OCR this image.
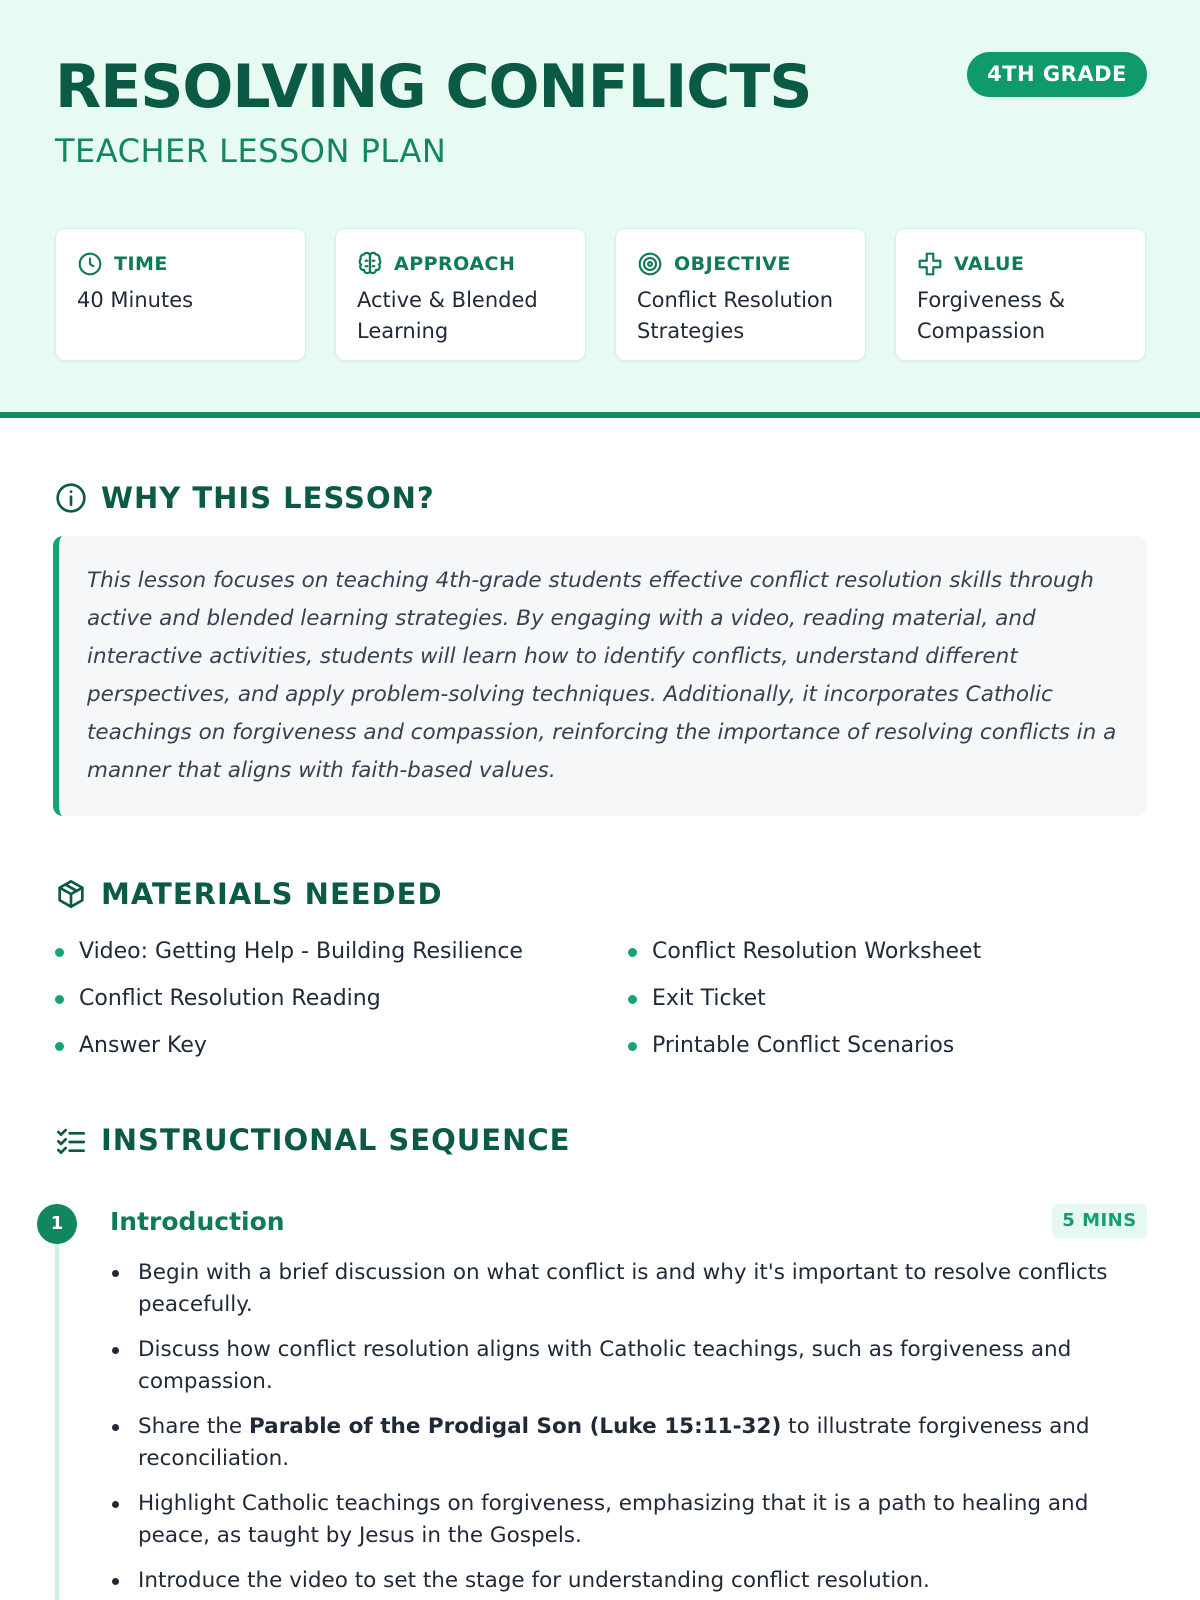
RESOLVING CONFLICTS
TEACHER LESSON PLAN
4TH GRADE
TIME
40 Minutes
APPROACH
Active & Blended Learning
OBJECTIVE
Conflict Resolution Strategies
VALUE
Forgiveness & Compassion
WHY THIS LESSON?

This lesson focuses on teaching 4th-grade students effective conflict resolution skills through active and blended learning strategies. By engaging with a video, reading material, and interactive activities, students will learn how to identify conflicts, understand different perspectives, and apply problem-solving techniques. Additionally, it incorporates Catholic teachings on forgiveness and compassion, reinforcing the importance of resolving conflicts in a manner that aligns with faith-based values.

MATERIALS NEEDED
Video: Getting Help - Building Resilience
Conflict Resolution Reading
Answer Key
Conflict Resolution Worksheet
Exit Ticket
Printable Conflict Scenarios
INSTRUCTIONAL SEQUENCE
1	Introduction	5 MINS
Begin with a brief discussion on what conflict is and why it's important to resolve conflicts peacefully.
Discuss how conflict resolution aligns with Catholic teachings, such as forgiveness and compassion.
Share the Parable of the Prodigal Son (Luke 15:11-32) to illustrate forgiveness and reconciliation.
Highlight Catholic teachings on forgiveness, emphasizing that it is a path to healing and peace, as taught by Jesus in the Gospels.
Introduce the video to set the stage for understanding conflict resolution.
